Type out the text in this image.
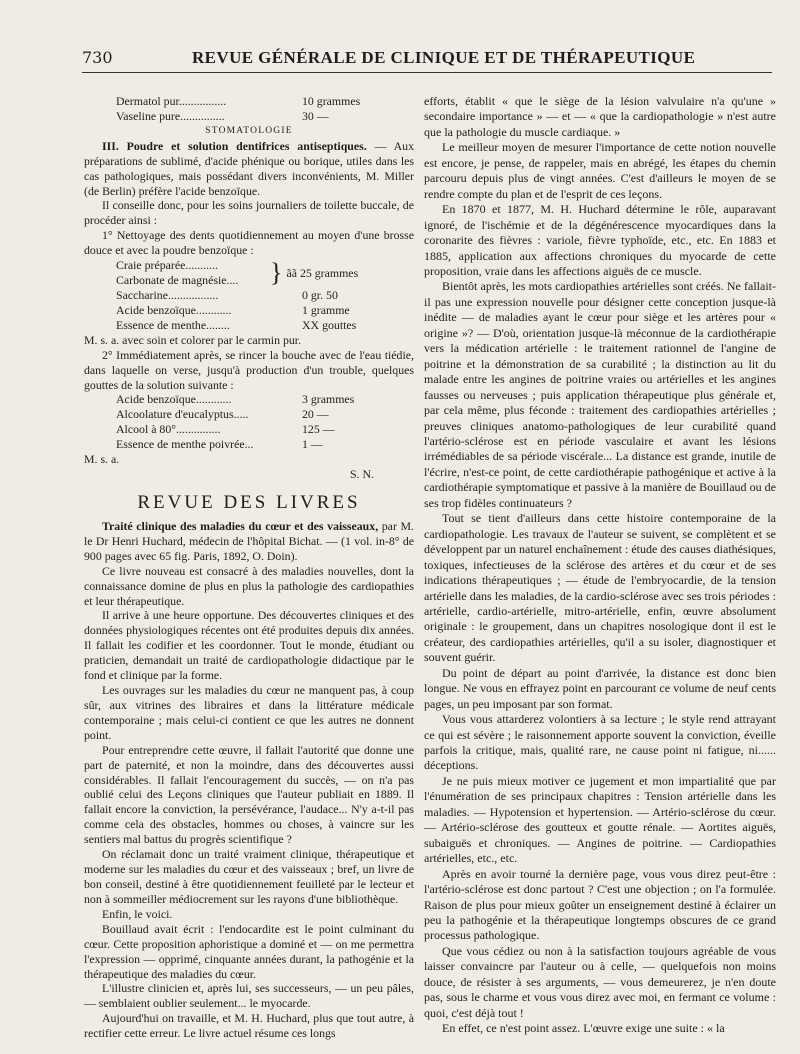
730	REVUE GÉNÉRALE DE CLINIQUE ET DE THÉRAPEUTIQUE
Dermatol pur................	10 grammes
Vaseline pure...............	30 —

STOMATOLOGIE

III. Poudre et solution dentifrices antiseptiques. — Aux préparations de sublimé, d'acide phénique ou borique, utiles dans les cas pathologiques, mais possédant divers inconvénients, M. Miller (de Berlin) préfère l'acide benzoïque.

Il conseille donc, pour les soins journaliers de toilette buccale, de procéder ainsi :

1° Nettoyage des dents quotidiennement au moyen d'une brosse douce et avec la poudre benzoïque :

Craie préparée...........
Carbonate de magnésie....	} ãã 25 grammes
Saccharine.................	0 gr. 50
Acide benzoïque............	1 gramme
Essence de menthe........	XX gouttes

M. s. a. avec soin et colorer par le carmin pur.

2° Immédiatement après, se rincer la bouche avec de l'eau tiédie, dans laquelle on verse, jusqu'à production d'un trouble, quelques gouttes de la solution suivante :

Acide benzoïque............	3 grammes
Alcoolature d'eucalyptus.....	20 —
Alcool à 80°...............	125 —
Essence de menthe poivrée...	1 —

M. s. a.

S. N.

REVUE DES LIVRES

Traité clinique des maladies du cœur et des vaisseaux, par M. le Dr Henri Huchard, médecin de l'hôpital Bichat. — (1 vol. in-8° de 900 pages avec 65 fig. Paris, 1892, O. Doin).

Ce livre nouveau est consacré à des maladies nouvelles, dont la connaissance domine de plus en plus la pathologie des cardiopathies et leur thérapeutique.

Il arrive à une heure opportune. Des découvertes cliniques et des données physiologiques récentes ont été produites depuis dix années. Il fallait les codifier et les coordonner. Tout le monde, étudiant ou praticien, demandait un traité de cardiopathologie didactique par le fond et clinique par la forme.

Les ouvrages sur les maladies du cœur ne manquent pas, à coup sûr, aux vitrines des libraires et dans la littérature médicale contemporaine ; mais celui-ci contient ce que les autres ne donnent point.

Pour entreprendre cette œuvre, il fallait l'autorité que donne une part de paternité, et non la moindre, dans des découvertes aussi considérables. Il fallait l'encouragement du succès, — on n'a pas oublié celui des Leçons cliniques que l'auteur publiait en 1889. Il fallait encore la conviction, la persévérance, l'audace... N'y a-t-il pas comme cela des obstacles, hommes ou choses, à vaincre sur les sentiers mal battus du progrès scientifique ?

On réclamait donc un traité vraiment clinique, thérapeutique et moderne sur les maladies du cœur et des vaisseaux ; bref, un livre de bon conseil, destiné à être quotidiennement feuilleté par le lecteur et non à sommeiller médiocrement sur les rayons d'une bibliothèque.

Enfin, le voici.

Bouillaud avait écrit : l'endocardite est le point culminant du cœur. Cette proposition aphoristique a dominé et — on me permettra l'expression — opprimé, cinquante années durant, la pathogénie et la thérapeutique des maladies du cœur.

L'illustre clinicien et, après lui, ses successeurs, — un peu pâles, — semblaient oublier seulement... le myocarde.

Aujourd'hui on travaille, et M. H. Huchard, plus que tout autre, à rectifier cette erreur. Le livre actuel résume ces longs

efforts, établit « que le siège de la lésion valvulaire n'a qu'une » secondaire importance » — et — « que la cardiopathologie » n'est autre que la pathologie du muscle cardiaque. »

Le meilleur moyen de mesurer l'importance de cette notion nouvelle est encore, je pense, de rappeler, mais en abrégé, les étapes du chemin parcouru depuis plus de vingt années. C'est d'ailleurs le moyen de se rendre compte du plan et de l'esprit de ces leçons.

En 1870 et 1877, M. H. Huchard détermine le rôle, auparavant ignoré, de l'ischémie et de la dégénérescence myocardiques dans la coronarite des fièvres : variole, fièvre typhoïde, etc., etc. En 1883 et 1885, application aux affections chroniques du myocarde de cette proposition, vraie dans les affections aiguës de ce muscle.

Bientôt après, les mots cardiopathies artérielles sont créés. Ne fallait-il pas une expression nouvelle pour désigner cette conception jusque-là inédite — de maladies ayant le cœur pour siège et les artères pour « origine »? — D'où, orientation jusque-là méconnue de la cardiothérapie vers la médication artérielle : le traitement rationnel de l'angine de poitrine et la démonstration de sa curabilité ; la distinction au lit du malade entre les angines de poitrine vraies ou artérielles et les angines fausses ou nerveuses ; puis application thérapeutique plus générale et, par cela même, plus féconde : traitement des cardiopathies artérielles ; preuves cliniques anatomo-pathologiques de leur curabilité quand l'artério-sclérose est en période vasculaire et avant les lésions irrémédiables de sa période viscérale... La distance est grande, inutile de l'écrire, n'est-ce point, de cette cardiothérapie pathogénique et active à la cardiothérapie symptomatique et passive à la manière de Bouillaud ou de ses trop fidèles continuateurs ?

Tout se tient d'ailleurs dans cette histoire contemporaine de la cardiopathologie. Les travaux de l'auteur se suivent, se complètent et se développent par un naturel enchaînement : étude des causes diathésiques, toxiques, infectieuses de la sclérose des artères et du cœur et de ses indications thérapeutiques ; — étude de l'embryocardie, de la tension artérielle dans les maladies, de la cardio-sclérose avec ses trois périodes : artérielle, cardio-artérielle, mitro-artérielle, enfin, œuvre absolument originale : le groupement, dans un chapitres nosologique dont il est le créateur, des cardiopathies artérielles, qu'il a su isoler, diagnostiquer et souvent guérir.

Du point de départ au point d'arrivée, la distance est donc bien longue. Ne vous en effrayez point en parcourant ce volume de neuf cents pages, un peu imposant par son format.

Vous vous attarderez volontiers à sa lecture ; le style rend attrayant ce qui est sévère ; le raisonnement apporte souvent la conviction, éveille parfois la critique, mais, qualité rare, ne cause point ni fatigue, ni...... déceptions.

Je ne puis mieux motiver ce jugement et mon impartialité que par l'énumération de ses principaux chapitres : Tension artérielle dans les maladies. — Hypotension et hypertension. — Artério-sclérose du cœur. — Artério-sclérose des goutteux et goutte rénale. — Aortites aiguës, subaiguës et chroniques. — Angines de poitrine. — Cardiopathies artérielles, etc., etc.

Après en avoir tourné la dernière page, vous vous direz peut-être : l'artério-sclérose est donc partout ? C'est une objection ; on l'a formulée. Raison de plus pour mieux goûter un enseignement destiné à éclairer un peu la pathogénie et la thérapeutique longtemps obscures de ce grand processus pathologique.

Que vous cédiez ou non à la satisfaction toujours agréable de vous laisser convaincre par l'auteur ou à celle, — quelquefois non moins douce, de résister à ses arguments, — vous demeurerez, je n'en doute pas, sous le charme et vous vous direz avec moi, en fermant ce volume : quoi, c'est déjà tout !

En effet, ce n'est point assez. L'œuvre exige une suite : « la
